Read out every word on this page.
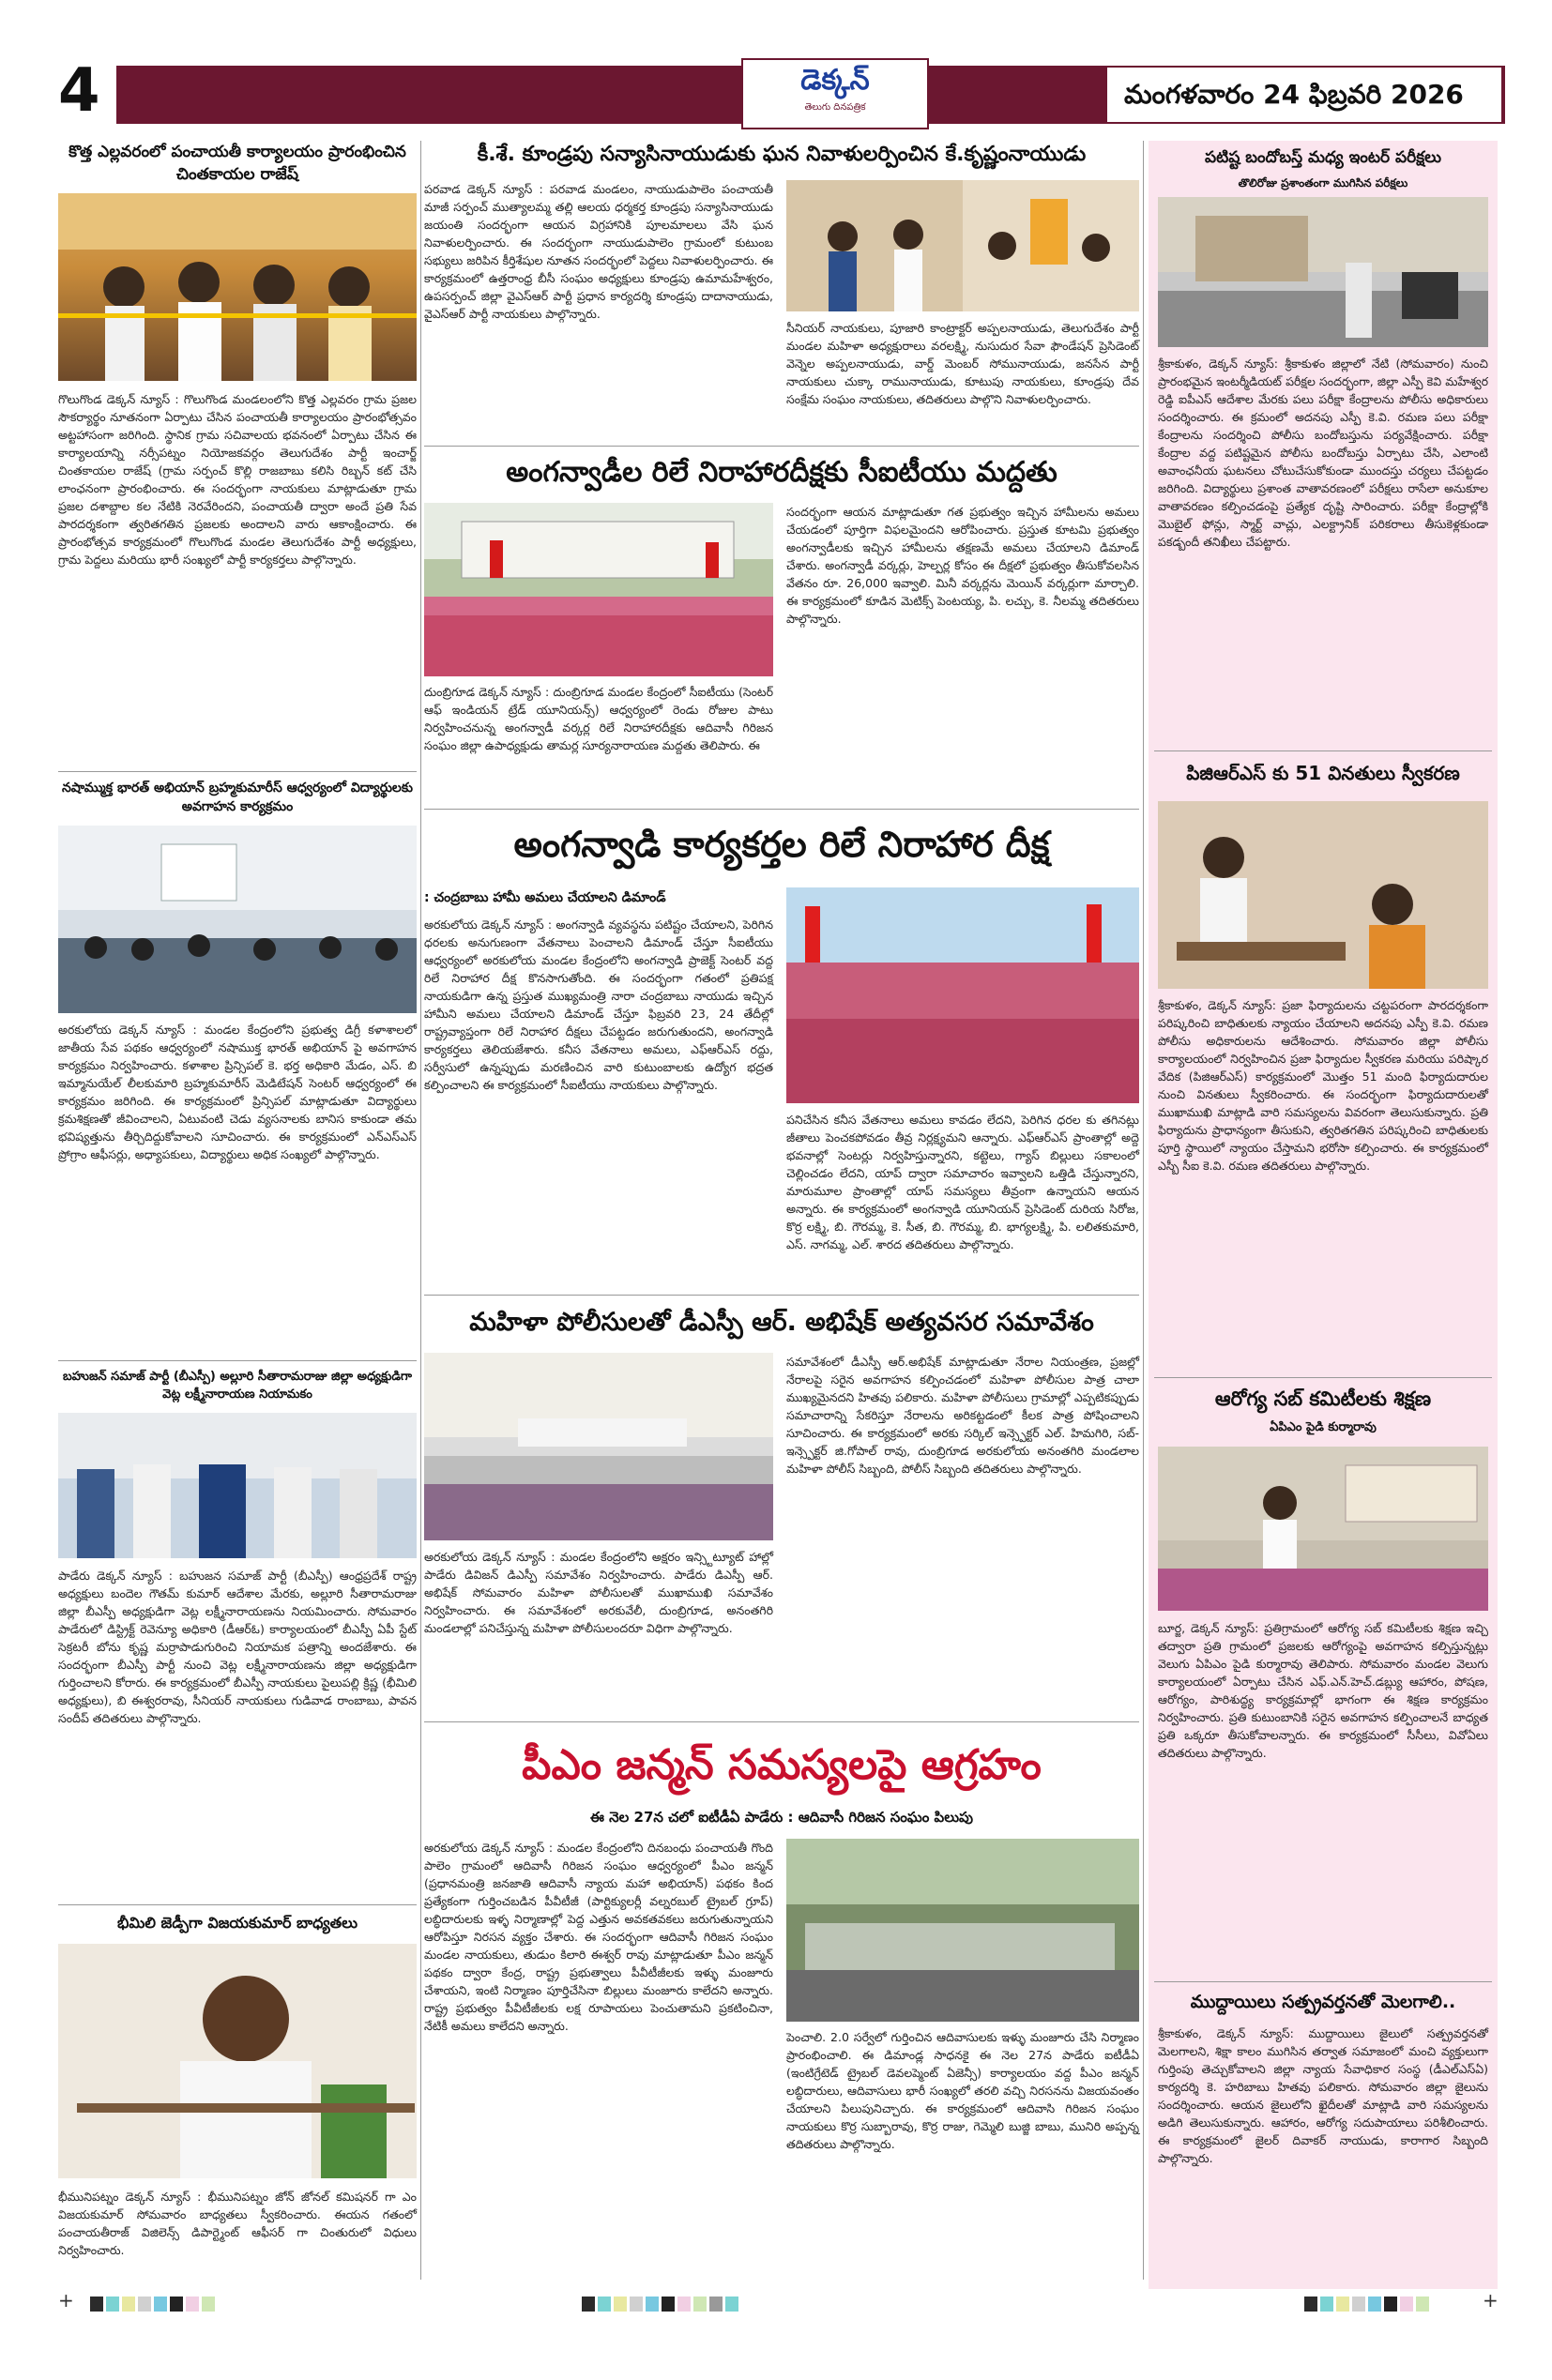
4	డెక్కన్
తెలుగు దినపత్రిక	మంగళవారం 24 ఫిబ్రవరి 2026
కొత్త ఎల్లవరంలో పంచాయతీ కార్యాలయం ప్రారంభించిన చింతకాయల రాజేష్
గొలుగొండ డెక్కన్ న్యూస్ : గొలుగొండ మండలంలోని కొత్త ఎల్లవరం గ్రామ ప్రజల సౌకర్యార్థం నూతనంగా ఏర్పాటు చేసిన పంచాయతీ కార్యాలయం ప్రారంభోత్సవం అట్టహాసంగా జరిగింది. స్థానిక గ్రామ సచివాలయ భవనంలో ఏర్పాటు చేసిన ఈ కార్యాలయాన్ని నర్సీపట్నం నియోజకవర్గం తెలుగుదేశం పార్టీ ఇంచార్జ్ చింతకాయల రాజేష్ (గ్రామ సర్పంచ్ కొల్లి రాజబాబు కలిసి రిబ్బన్ కట్ చేసి లాంఛనంగా ప్రారంభించారు. ఈ సందర్భంగా నాయకులు మాట్లాడుతూ గ్రామ ప్రజల దశాబ్దాల కల నేటికి నెరవేరిందని, పంచాయతీ ద్వారా అందే ప్రతి సేవ పారదర్శకంగా త్వరితగతిన ప్రజలకు అందాలని వారు ఆకాంక్షించారు. ఈ ప్రారంభోత్సవ కార్యక్రమంలో గొలుగొండ మండల తెలుగుదేశం పార్టీ అధ్యక్షులు, గ్రామ పెద్దలు మరియు భారీ సంఖ్యలో పార్టీ కార్యకర్తలు పాల్గొన్నారు.
నషామ్ముక్త భారత్ అభియాన్ బ్రహ్మకుమారీస్ ఆధ్వర్యంలో విద్యార్థులకు అవగాహన కార్యక్రమం
అరకులోయ డెక్కన్ న్యూస్ : మండల కేంద్రంలోని ప్రభుత్వ డిగ్రీ కళాశాలలో జాతీయ సేవ పథకం ఆధ్వర్యంలో నషాముక్త భారత్ అభియాన్ పై అవగాహన కార్యక్రమం నిర్వహించారు. కళాశాల ప్రిన్సిపల్ కె. భర్త అధికారి మేడం, ఎస్. బి ఇమ్మానుయేల్ లీలకుమారి బ్రహ్మకుమారీస్ మెడిటేషన్ సెంటర్ ఆధ్వర్యంలో ఈ కార్యక్రమం జరిగింది. ఈ కార్యక్రమంలో ప్రిన్సిపల్ మాట్లాడుతూ విద్యార్థులు క్రమశిక్షణతో జీవించాలని, ఏటువంటి చెడు వ్యసనాలకు బానిస కాకుండా తమ భవిష్యత్తును తీర్చిదిద్దుకోవాలని సూచించారు. ఈ కార్యక్రమంలో ఎన్ఎస్ఎస్ ప్రోగ్రాం ఆఫీసర్లు, అధ్యాపకులు, విద్యార్థులు అధిక సంఖ్యలో పాల్గొన్నారు.
బహుజన్ సమాజ్ పార్టీ (బీఎస్పీ) అల్లూరి సీతారామరాజు జిల్లా అధ్యక్షుడిగా వెట్ల లక్ష్మీనారాయణ నియామకం
పాడేరు డెక్కన్ న్యూస్ : బహుజన సమాజ్ పార్టీ (బీఎస్పీ) ఆంధ్రప్రదేశ్ రాష్ట్ర అధ్యక్షులు బందెల గౌతమ్ కుమార్ ఆదేశాల మేరకు, అల్లూరి సీతారామరాజు జిల్లా బీఎస్పీ అధ్యక్షుడిగా వెట్ల లక్ష్మీనారాయణను నియమించారు. సోమవారం పాడేరులో డిస్ట్రిక్ట్ రెవెన్యూ అధికారి (డీఆర్ఓ) కార్యాలయంలో బీఎస్పీ ఏపీ స్టేట్ సెక్రటరీ బోను కృష్ణ మర్రాపాడుగురించి నియామక పత్రాన్ని అందజేశారు. ఈ సందర్భంగా బీఎస్పీ పార్టీ నుంచి వెట్ల లక్ష్మీనారాయణను జిల్లా అధ్యక్షుడిగా గుర్తించాలని కోరారు. ఈ కార్యక్రమంలో బీఎస్పీ నాయకులు పైలుపల్లి క్రిష్ణ (భీమిలి అధ్యక్షులు), బి ఈశ్వరరావు, సీనియర్ నాయకులు గుడివాడ రాంబాబు, పావన సందీప్ తదితరులు పాల్గొన్నారు.
భీమిలి జెడ్పీగా విజయకుమార్ బాధ్యతలు
భీమునిపట్నం డెక్కన్ న్యూస్ : భీమునిపట్నం జోన్ జోనల్ కమిషనర్ గా ఎం విజయకుమార్ సోమవారం బాధ్యతలు స్వీకరించారు. ఈయన గతంలో పంచాయతీరాజ్ విజిలెన్స్ డిపార్ట్మెంట్ ఆఫీసర్ గా చింతురులో విధులు నిర్వహించారు.
కీ.శే. కూండ్రపు సన్యాసినాయుడుకు ఘన నివాళులర్పించిన కే.కృష్ణంనాయుడు
పరవాడ డెక్కన్ న్యూస్ : పరవాడ మండలం, నాయుడుపాలెం పంచాయతీ మాజీ సర్పంచ్ ముత్యాలమ్మ తల్లి ఆలయ ధర్మకర్త కూండ్రపు సన్యాసినాయుడు జయంతి సందర్భంగా ఆయన విగ్రహానికి పూలమాలలు వేసి ఘన నివాళులర్పించారు. ఈ సందర్భంగా నాయుడుపాలెం గ్రామంలో కుటుంబ సభ్యులు జరిపిన కీర్తిశేషుల నూతన సందర్భంలో పెద్దలు నివాళులర్పించారు. ఈ కార్యక్రమంలో ఉత్తరాంధ్ర బీసీ సంఘం అధ్యక్షులు కూండ్రపు ఉమామహేశ్వరం, ఉపసర్పంచ్ జిల్లా వైఎస్ఆర్ పార్టీ ప్రధాన కార్యదర్శి కూండ్రపు దాదానాయుడు, వైఎస్ఆర్ పార్టీ నాయకులు పాల్గొన్నారు.
సీనియర్ నాయకులు, పూజారి కాంట్రాక్టర్ అప్పలనాయుడు, తెలుగుదేశం పార్టీ మండల మహిళా అధ్యక్షురాలు వరలక్ష్మి, నుసుదుర సేవా ఫౌండేషన్ ప్రెసిడెంట్ వెన్నెల అప్పలనాయుడు, వార్డ్ మెంబర్ సోమునాయుడు, జనసేన పార్టీ నాయకులు చుక్కా రామునాయుడు, కూటుపు నాయకులు, కూండ్రపు దేవ సంక్షేమ సంఘం నాయకులు, తదితరులు పాల్గొని నివాళులర్పించారు.
అంగన్వాడీల రిలే నిరాహారదీక్షకు సీఐటీయు మద్దతు
దుంబ్రిగూడ డెక్కన్ న్యూస్ : దుంబ్రిగూడ మండల కేంద్రంలో సీఐటీయు (సెంటర్ ఆఫ్ ఇండియన్ ట్రేడ్ యూనియన్స్) ఆధ్వర్యంలో రెండు రోజుల పాటు నిర్వహించనున్న అంగన్వాడీ వర్కర్ల రిలే నిరాహారదీక్షకు ఆదివాసీ గిరిజన సంఘం జిల్లా ఉపాధ్యక్షుడు తామర్ల సూర్యనారాయణ మద్దతు తెలిపారు. ఈ
సందర్భంగా ఆయన మాట్లాడుతూ గత ప్రభుత్వం ఇచ్చిన హామీలను అమలు చేయడంలో పూర్తిగా విఫలమైందని ఆరోపించారు. ప్రస్తుత కూటమి ప్రభుత్వం అంగన్వాడీలకు ఇచ్చిన హామీలను తక్షణమే అమలు చేయాలని డిమాండ్ చేశారు. అంగన్వాడీ వర్కర్లు, హెల్పర్ల కోసం ఈ దీక్షలో ప్రభుత్వం తీసుకోవలసిన వేతనం రూ. 26,000 ఇవ్వాలి. మినీ వర్కర్లను మెయిన్ వర్కర్లుగా మార్చాలి. ఈ కార్యక్రమంలో కూడిన మెటిక్స్ పెంటయ్య, పి. లచ్చు, కె. నీలమ్మ తదితరులు పాల్గొన్నారు.
అంగన్వాడి కార్యకర్తల రిలే నిరాహార దీక్ష
: చంద్రబాబు హామీ అమలు చేయాలని డిమాండ్
అరకులోయ డెక్కన్ న్యూస్ : అంగన్వాడి వ్యవస్థను పటిష్టం చేయాలని, పెరిగిన ధరలకు అనుగుణంగా వేతనాలు పెంచాలని డిమాండ్ చేస్తూ సీఐటీయు ఆధ్వర్యంలో అరకులోయ మండల కేంద్రంలోని అంగన్వాడి ప్రాజెక్ట్ సెంటర్ వద్ద రిలే నిరాహార దీక్ష కొనసాగుతోంది. ఈ సందర్భంగా గతంలో ప్రతిపక్ష నాయకుడిగా ఉన్న ప్రస్తుత ముఖ్యమంత్రి నారా చంద్రబాబు నాయుడు ఇచ్చిన హామీని అమలు చేయాలని డిమాండ్ చేస్తూ ఫిబ్రవరి 23, 24 తేదీల్లో రాష్ట్రవ్యాప్తంగా రిలే నిరాహార దీక్షలు చేపట్టడం జరుగుతుందని, అంగన్వాడి కార్యకర్తలు తెలియజేశారు. కనీస వేతనాలు అమలు, ఎఫ్ఆర్ఎస్ రద్దు, సర్వీసులో ఉన్నప్పుడు మరణించిన వారి కుటుంబాలకు ఉద్యోగ భద్రత కల్పించాలని ఈ కార్యక్రమంలో సీఐటీయు నాయకులు పాల్గొన్నారు.
పనిచేసిన కనీస వేతనాలు అమలు కావడం లేదని, పెరిగిన ధరల కు తగినట్లు జీతాలు పెంచకపోవడం తీవ్ర నిర్లక్ష్యమని ఆన్నారు. ఎఫ్ఆర్ఎస్ ప్రాంతాల్లో అద్దె భవనాల్లో సెంటర్లు నిర్వహిస్తున్నారని, కట్టెలు, గ్యాస్ బిల్లులు సకాలంలో చెల్లించడం లేదని, యాప్ ద్వారా సమాచారం ఇవ్వాలని ఒత్తిడి చేస్తున్నారని, మారుమూల ప్రాంతాల్లో యాప్ సమస్యలు తీవ్రంగా ఉన్నాయని ఆయన అన్నారు. ఈ కార్యక్రమంలో అంగన్వాడి యూనియన్ ప్రెసిడెంట్ దురియ సిరోజ, కొర్ర లక్ష్మి, బి. గౌరమ్మ, కె. సీత, బి. గౌరమ్మ, బి. భాగ్యలక్ష్మి, పి. లలితకుమారి, ఎస్. నాగమ్మ, ఎల్. శారద తదితరులు పాల్గొన్నారు.
మహిళా పోలీసులతో డీఎస్పీ ఆర్. అభిషేక్ అత్యవసర సమావేశం
అరకులోయ డెక్కన్ న్యూస్ : మండల కేంద్రంలోని అక్షరం ఇన్స్టిట్యూట్ హాల్లో పాడేరు డివిజన్ డిఎస్పీ సమావేశం నిర్వహించారు. పాడేరు డిఎస్పీ ఆర్. అభిషేక్ సోమవారం మహిళా పోలీసులతో ముఖాముఖి సమావేశం నిర్వహించారు. ఈ సమావేశంలో అరకువేలీ, దుంబ్రిగూడ, అనంతగిరి మండలాల్లో పనిచేస్తున్న మహిళా పోలీసులందరూ విధిగా పాల్గొన్నారు.
సమావేశంలో డీఎస్పీ ఆర్.అభిషేక్ మాట్లాడుతూ నేరాల నియంత్రణ, ప్రజల్లో నేరాలపై సరైన అవగాహన కల్పించడంలో మహిళా పోలీసుల పాత్ర చాలా ముఖ్యమైనదని హితవు పలికారు. మహిళా పోలీసులు గ్రామాల్లో ఎప్పటికప్పుడు సమాచారాన్ని సేకరిస్తూ నేరాలను అరికట్టడంలో కీలక పాత్ర పోషించాలని సూచించారు. ఈ కార్యక్రమంలో అరకు సర్కిల్ ఇన్స్పెక్టర్ ఎల్. హిమగిరి, సబ్-ఇన్స్పెక్టర్ జి.గోపాల్ రావు, దుంబ్రిగూడ అరకులోయ అనంతగిరి మండలాల మహిళా పోలీస్ సిబ్బంది, పోలీస్ సిబ్బంది తదితరులు పాల్గొన్నారు.
పీఎం జన్మన్ సమస్యలపై ఆగ్రహం
ఈ నెల 27న చలో ఐటీడీఏ పాడేరు : ఆదివాసీ గిరిజన సంఘం పిలుపు
అరకులోయ డెక్కన్ న్యూస్ : మండల కేంద్రంలోని దినబంధు పంచాయతీ గొంది పాలెం గ్రామంలో ఆదివాసీ గిరిజన సంఘం ఆధ్వర్యంలో పీఎం జన్మన్ (ప్రధానమంత్రి జనజాతి ఆదివాసీ న్యాయ మహా అభియాన్) పథకం కింద ప్రత్యేకంగా గుర్తించబడిన పీవీటీజీ (పార్టిక్యులర్లీ వల్నరబుల్ ట్రైబల్ గ్రూప్) లబ్ధిదారులకు ఇళ్ళ నిర్మాణాల్లో పెద్ద ఎత్తున అవకతవకలు జరుగుతున్నాయని ఆరోపిస్తూ నిరసన వ్యక్తం చేశారు. ఈ సందర్భంగా ఆదివాసీ గిరిజన సంఘం మండల నాయకులు, తుడుం కిలారి ఈశ్వర్ రావు మాట్లాడుతూ పీఎం జన్మన్ పథకం ద్వారా కేంద్ర, రాష్ట్ర ప్రభుత్వాలు పీవీటీజీలకు ఇళ్ళు మంజూరు చేశాయని, ఇంటి నిర్మాణం పూర్తిచేసినా బిల్లులు మంజూరు కాలేదని అన్నారు. రాష్ట్ర ప్రభుత్వం పీవీటీజీలకు లక్ష రూపాయలు పెంచుతామని ప్రకటించినా, నేటికీ అమలు కాలేదని అన్నారు.
పెంచాలి. 2.0 సర్వేలో గుర్తించిన ఆదివాసులకు ఇళ్ళు మంజూరు చేసి నిర్మాణం ప్రారంభించాలి. ఈ డిమాండ్ల సాధనకై ఈ నెల 27న పాడేరు ఐటీడీఏ (ఇంటిగ్రేటెడ్ ట్రైబల్ డెవలప్మెంట్ ఏజెన్సీ) కార్యాలయం వద్ద పీఎం జన్మన్ లబ్ధిదారులు, ఆదివాసులు భారీ సంఖ్యలో తరలి వచ్చి నిరసనను విజయవంతం చేయాలని పిలుపునిచ్చారు. ఈ కార్యక్రమంలో ఆదివాసి గిరిజన సంఘం నాయకులు కొర్ర సుబ్బారావు, కొర్ర రాజు, గెమ్మెలి బుజ్జి బాబు, మునిరి అప్పన్న తదితరులు పాల్గొన్నారు.
పటిష్ట బందోబస్త్ మధ్య ఇంటర్ పరీక్షలు
తొలిరోజు ప్రశాంతంగా ముగిసిన పరీక్షలు
శ్రీకాకుళం, డెక్కన్ న్యూస్: శ్రీకాకుళం జిల్లాలో నేటి (సోమవారం) నుంచి ప్రారంభమైన ఇంటర్మీడియట్ పరీక్షల సందర్భంగా, జిల్లా ఎస్పీ కెవి మహేశ్వర రెడ్డి ఐపీఎస్ ఆదేశాల మేరకు పలు పరీక్షా కేంద్రాలను పోలీసు అధికారులు సందర్శించారు. ఈ క్రమంలో అదనపు ఎస్పీ కె.వి. రమణ పలు పరీక్షా కేంద్రాలను సందర్శించి పోలీసు బందోబస్తును పర్యవేక్షించారు. పరీక్షా కేంద్రాల వద్ద పటిష్టమైన పోలీసు బందోబస్తు ఏర్పాటు చేసి, ఎలాంటి అవాంఛనీయ ఘటనలు చోటుచేసుకోకుండా ముందస్తు చర్యలు చేపట్టడం జరిగింది. విద్యార్థులు ప్రశాంత వాతావరణంలో పరీక్షలు రాసేలా అనుకూల వాతావరణం కల్పించడంపై ప్రత్యేక దృష్టి సారించారు. పరీక్షా కేంద్రాల్లోకి మొబైల్ ఫోన్లు, స్మార్ట్ వాచ్లు, ఎలక్ట్రానిక్ పరికరాలు తీసుకెళ్లకుండా పకడ్బందీ తనిఖీలు చేపట్టారు.
పిజిఆర్ఎస్ కు 51 వినతులు స్వీకరణ
శ్రీకాకుళం, డెక్కన్ న్యూస్: ప్రజా ఫిర్యాదులను చట్టపరంగా పారదర్శకంగా పరిష్కరించి బాధితులకు న్యాయం చేయాలని అదనపు ఎస్పీ కె.వి. రమణ పోలీసు అధికారులను ఆదేశించారు. సోమవారం జిల్లా పోలీసు కార్యాలయంలో నిర్వహించిన ప్రజా ఫిర్యాదుల స్వీకరణ మరియు పరిష్కార వేదిక (పిజిఆర్ఎస్) కార్యక్రమంలో మొత్తం 51 మంది ఫిర్యాదుదారుల నుంచి వినతులు స్వీకరించారు. ఈ సందర్భంగా ఫిర్యాదుదారులతో ముఖాముఖి మాట్లాడి వారి సమస్యలను వివరంగా తెలుసుకున్నారు. ప్రతి ఫిర్యాదును ప్రాధాన్యంగా తీసుకుని, త్వరితగతిన పరిష్కరించి బాధితులకు పూర్తి స్థాయిలో న్యాయం చేస్తామని భరోసా కల్పించారు. ఈ కార్యక్రమంలో ఎస్బీ సీఐ కె.వి. రమణ తదితరులు పాల్గొన్నారు.
ఆరోగ్య సబ్ కమిటీలకు శిక్షణ
ఏపిఎం పైడి కుర్మారావు
బూర్జ, డెక్కన్ న్యూస్: ప్రతిగ్రామంలో ఆరోగ్య సబ్ కమిటీలకు శిక్షణ ఇచ్చి తద్వారా ప్రతి గ్రామంలో ప్రజలకు ఆరోగ్యంపై అవగాహన కల్పిస్తున్నట్లు వెలుగు ఏపిఎం పైడి కుర్మారావు తెలిపారు. సోమవారం మండల వెలుగు కార్యాలయంలో ఏర్పాటు చేసిన ఎఫ్.ఎన్.హెచ్.డబ్ల్యు ఆహారం, పోషణ, ఆరోగ్యం, పారిశుద్ధ్య కార్యక్రమాల్లో భాగంగా ఈ శిక్షణ కార్యక్రమం నిర్వహించారు. ప్రతి కుటుంబానికి సరైన అవగాహన కల్పించాలనే బాధ్యత ప్రతి ఒక్కరూ తీసుకోవాలన్నారు. ఈ కార్యక్రమంలో సీసీలు, వివోఏలు తదితరులు పాల్గొన్నారు.
ముద్దాయిలు సత్ప్రవర్తనతో మెలగాలి..
శ్రీకాకుళం, డెక్కన్ న్యూస్: ముద్దాయిలు జైలులో సత్ప్రవర్తనతో మెలగాలని, శిక్షా కాలం ముగిసిన తర్వాత సమాజంలో మంచి వ్యక్తులుగా గుర్తింపు తెచ్చుకోవాలని జిల్లా న్యాయ సేవాధికార సంస్థ (డీఎల్ఎస్ఏ) కార్యదర్శి కె. హరిబాబు హితవు పలికారు. సోమవారం జిల్లా జైలును సందర్శించారు. ఆయన జైలులోని ఖైదీలతో మాట్లాడి వారి సమస్యలను అడిగి తెలుసుకున్నారు. ఆహారం, ఆరోగ్య సదుపాయాలు పరిశీలించారు. ఈ కార్యక్రమంలో జైలర్ దివాకర్ నాయుడు, కారాగార సిబ్బంది పాల్గొన్నారు.
+	+
